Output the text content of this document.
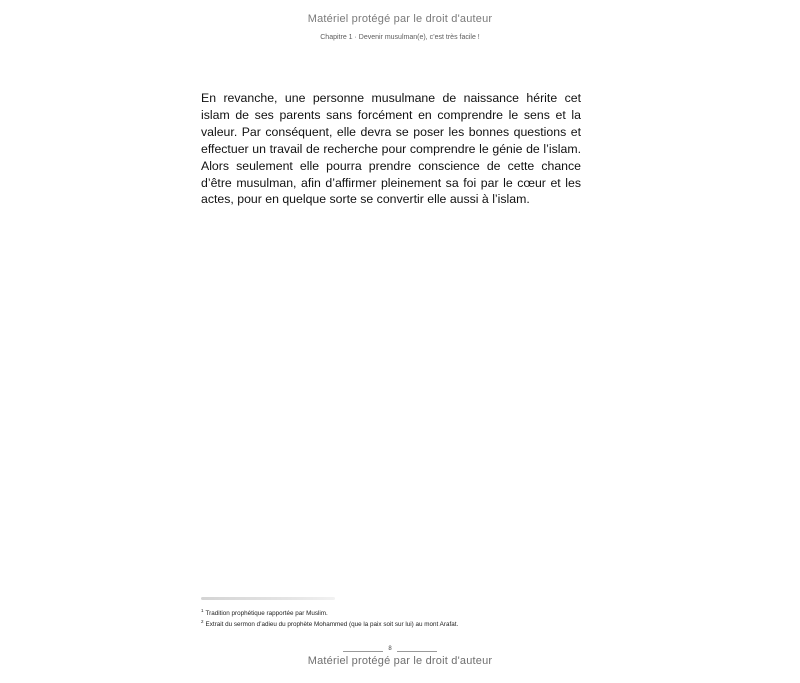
Matériel protégé par le droit d'auteur
Chapitre 1 · Devenir musulman(e), c’est très facile !
En revanche, une personne musulmane de naissance hérite cet islam de ses parents sans forcément en comprendre le sens et la valeur. Par conséquent, elle devra se poser les bonnes questions et effectuer un travail de recherche pour comprendre le génie de l’islam. Alors seulement elle pourra prendre conscience de cette chance d’être musulman, afin d’affirmer pleinement sa foi par le cœur et les actes, pour en quelque sorte se convertir elle aussi à l’islam.
$^1$ Tradition prophétique rapportée par Muslim.
$^2$ Extrait du sermon d’adieu du prophète Mohammed (que la paix soit sur lui) au mont Arafat.
8
Matériel protégé par le droit d'auteur
